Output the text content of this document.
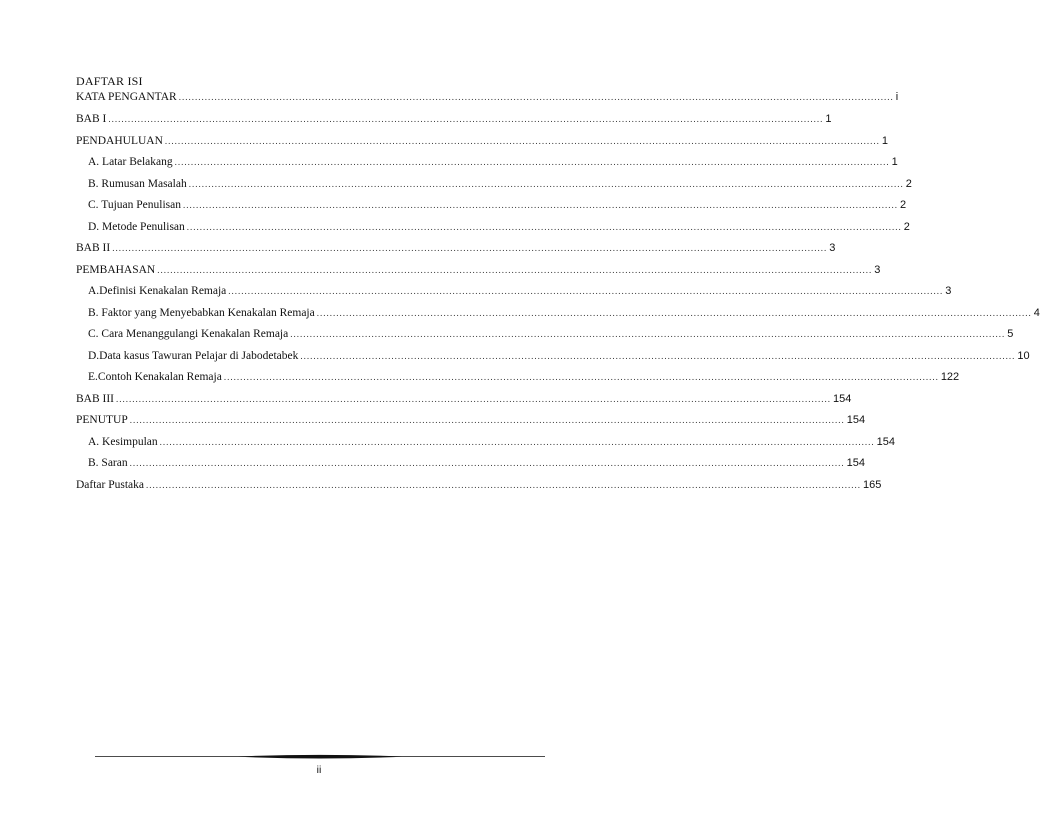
DAFTAR ISI
KATA PENGANTAR ............................................................................................................................................................................................................................ i
BAB I ............................................................................................................................................................................................................................ 1
PENDAHULUAN ............................................................................................................................................................................................................................ 1
A. Latar Belakang ............................................................................................................................................................................................................................ 1
B. Rumusan Masalah ............................................................................................................................................................................................................................ 2
C. Tujuan Penulisan ............................................................................................................................................................................................................................ 2
D. Metode Penulisan ............................................................................................................................................................................................................................ 2
BAB II ............................................................................................................................................................................................................................ 3
PEMBAHASAN ............................................................................................................................................................................................................................ 3
A.Definisi Kenakalan Remaja ............................................................................................................................................................................................................................ 3
B. Faktor yang Menyebabkan Kenakalan Remaja ............................................................................................................................................................................................................................ 4
C. Cara Menanggulangi Kenakalan Remaja ............................................................................................................................................................................................................................ 5
D.Data kasus Tawuran Pelajar di Jabodetabek ............................................................................................................................................................................................................................ 10
E.Contoh Kenakalan Remaja ............................................................................................................................................................................................................................ 122
BAB III ............................................................................................................................................................................................................................ 154
PENUTUP ............................................................................................................................................................................................................................ 154
A. Kesimpulan ............................................................................................................................................................................................................................ 154
B. Saran ............................................................................................................................................................................................................................ 154
Daftar Pustaka ............................................................................................................................................................................................................................ 165
ii
